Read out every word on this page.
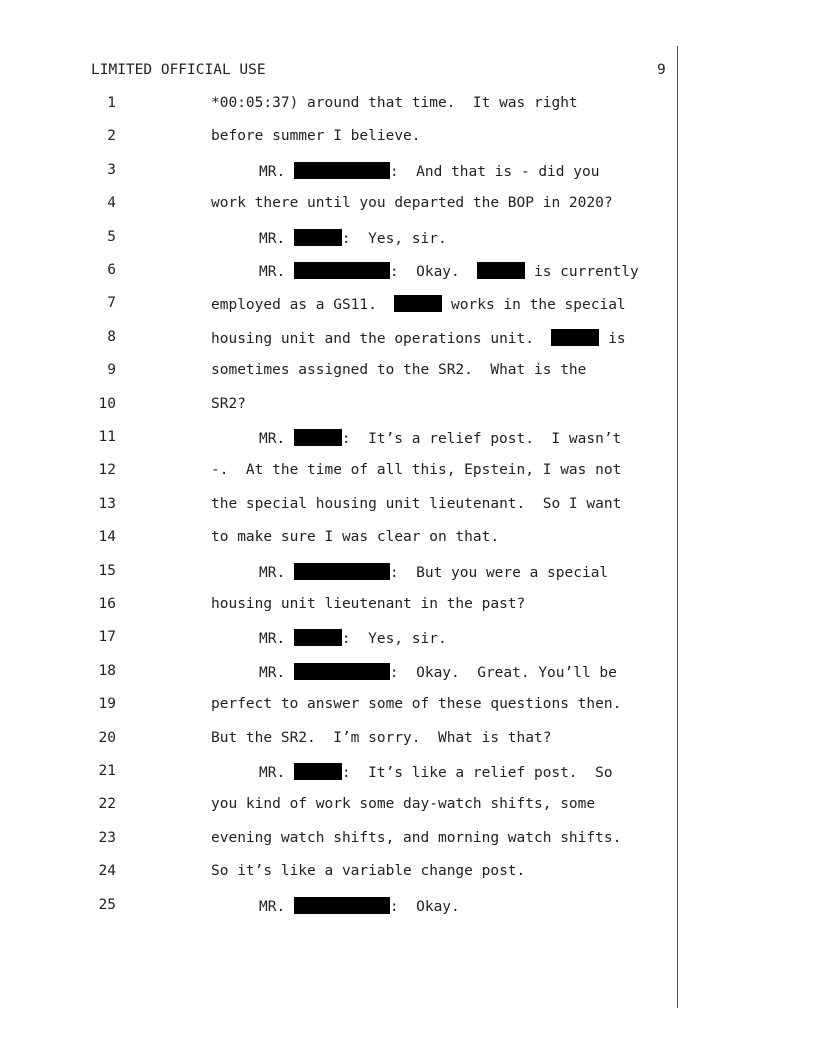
LIMITED OFFICIAL USE	9
1	*00:05:37) around that time.  It was right
2	before summer I believe.
3	MR.	:  And that is - did you
4	work there until you departed the BOP in 2020?
5	MR.	:  Yes, sir.
6	MR.	:  Okay.	is currently
7	employed as a GS11.	works in the special
8	housing unit and the operations unit.	is
9	sometimes assigned to the SR2.  What is the
10	SR2?
11	MR.	:  It’s a relief post.  I wasn’t
12	-.  At the time of all this, Epstein, I was not
13	the special housing unit lieutenant.  So I want
14	to make sure I was clear on that.
15	MR.	:  But you were a special
16	housing unit lieutenant in the past?
17	MR.	:  Yes, sir.
18	MR.	:  Okay.  Great. You’ll be
19	perfect to answer some of these questions then.
20	But the SR2.  I’m sorry.  What is that?
21	MR.	:  It’s like a relief post.  So
22	you kind of work some day-watch shifts, some
23	evening watch shifts, and morning watch shifts.
24	So it’s like a variable change post.
25	MR.	:  Okay.
